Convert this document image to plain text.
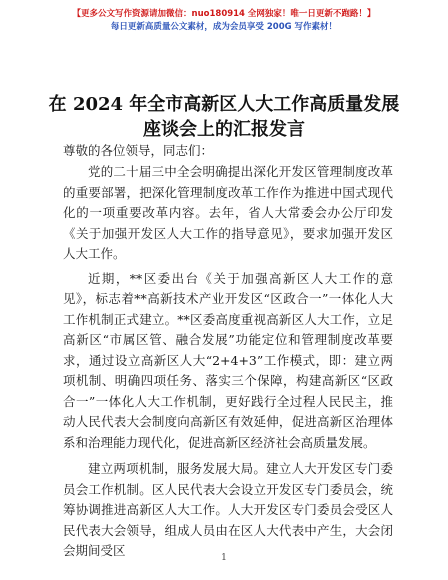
【更多公文写作资源请加微信：nuo180914 全网独家！唯一日更新不跑路！】
每日更新高质量公文素材，成为会员享受 200G 写作素材！
在 2024 年全市高新区人大工作高质量发展座谈会上的汇报发言
尊敬的各位领导，同志们：

党的二十届三中全会明确提出深化开发区管理制度改革的重要部署，把深化管理制度改革工作作为推进中国式现代化的一项重要改革内容。去年，省人大常委会办公厅印发《关于加强开发区人大工作的指导意见》，要求加强开发区人大工作。

近期，**区委出台《关于加强高新区人大工作的意见》，标志着**高新技术产业开发区“区政合一”一体化人大工作机制正式建立。**区委高度重视高新区人大工作，立足高新区“市属区管、融合发展”功能定位和管理制度改革要求，通过设立高新区人大“2+4+3”工作模式，即：建立两项机制、明确四项任务、落实三个保障，构建高新区“区政合一”一体化人大工作机制，更好践行全过程人民民主，推动人民代表大会制度向高新区有效延伸，促进高新区治理体系和治理能力现代化，促进高新区经济社会高质量发展。

建立两项机制，服务发展大局。建立人大开发区专门委员会工作机制。区人民代表大会设立开发区专门委员会，统筹协调推进高新区人大工作。人大开发区专门委员会受区人民代表大会领导，组成人员由在区人大代表中产生，大会闭会期间受区	1
